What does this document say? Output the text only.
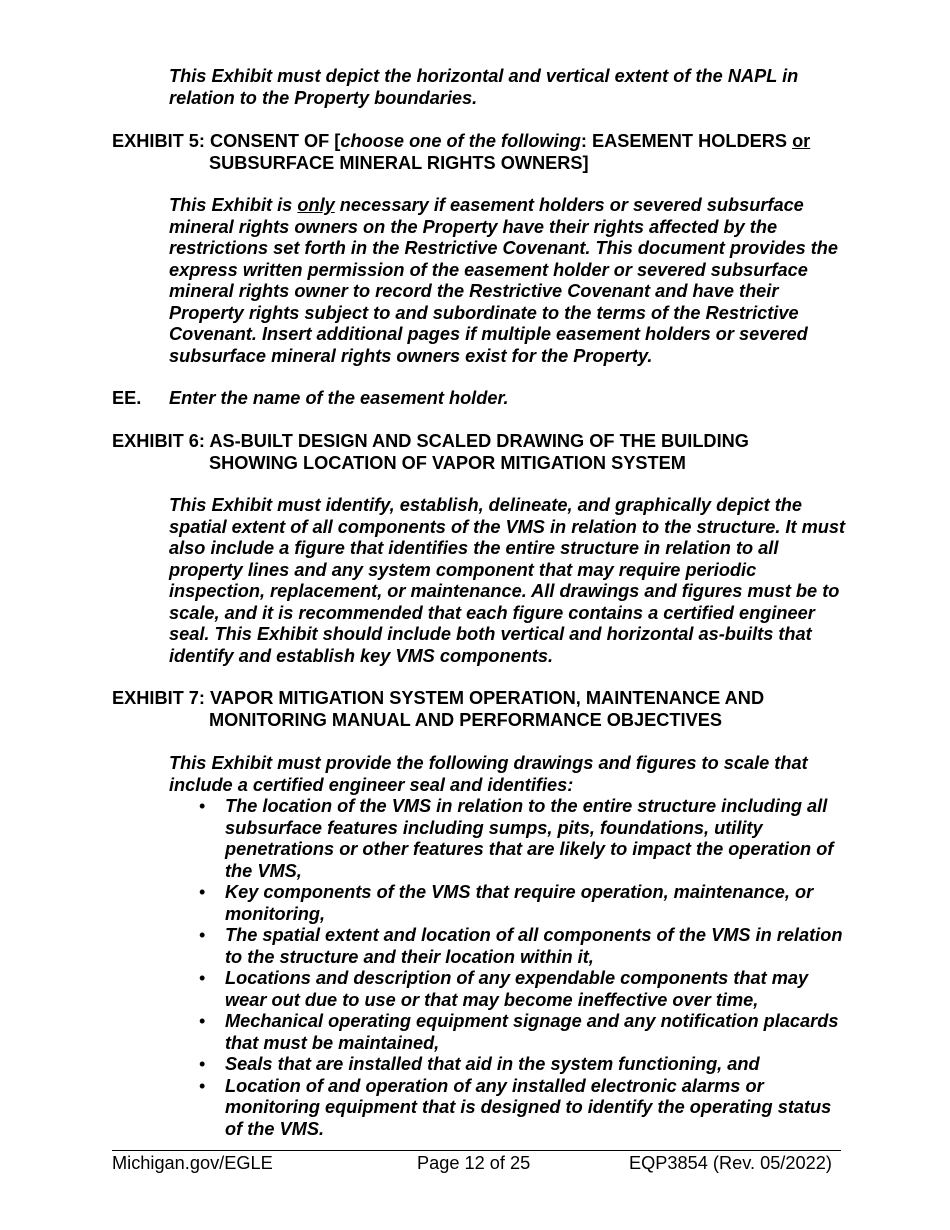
This Exhibit must depict the horizontal and vertical extent of the NAPL in relation to the Property boundaries.
EXHIBIT 5: CONSENT OF [choose one of the following: EASEMENT HOLDERS or
SUBSURFACE MINERAL RIGHTS OWNERS]
This Exhibit is only necessary if easement holders or severed subsurface mineral rights owners on the Property have their rights affected by the restrictions set forth in the Restrictive Covenant. This document provides the express written permission of the easement holder or severed subsurface mineral rights owner to record the Restrictive Covenant and have their Property rights subject to and subordinate to the terms of the Restrictive Covenant. Insert additional pages if multiple easement holders or severed subsurface mineral rights owners exist for the Property.
EE. Enter the name of the easement holder.
EXHIBIT 6: AS-BUILT DESIGN AND SCALED DRAWING OF THE BUILDING
SHOWING LOCATION OF VAPOR MITIGATION SYSTEM
This Exhibit must identify, establish, delineate, and graphically depict the spatial extent of all components of the VMS in relation to the structure. It must also include a figure that identifies the entire structure in relation to all property lines and any system component that may require periodic inspection, replacement, or maintenance. All drawings and figures must be to scale, and it is recommended that each figure contains a certified engineer seal. This Exhibit should include both vertical and horizontal as-builts that identify and establish key VMS components.
EXHIBIT 7: VAPOR MITIGATION SYSTEM OPERATION, MAINTENANCE AND
MONITORING MANUAL AND PERFORMANCE OBJECTIVES
This Exhibit must provide the following drawings and figures to scale that include a certified engineer seal and identifies:
• The location of the VMS in relation to the entire structure including all subsurface features including sumps, pits, foundations, utility penetrations or other features that are likely to impact the operation of the VMS,
• Key components of the VMS that require operation, maintenance, or monitoring,
• The spatial extent and location of all components of the VMS in relation to the structure and their location within it,
• Locations and description of any expendable components that may wear out due to use or that may become ineffective over time,
• Mechanical operating equipment signage and any notification placards that must be maintained,
• Seals that are installed that aid in the system functioning, and
• Location of and operation of any installed electronic alarms or monitoring equipment that is designed to identify the operating status of the VMS.
Michigan.gov/EGLE	Page 12 of 25	EQP3854 (Rev. 05/2022)
